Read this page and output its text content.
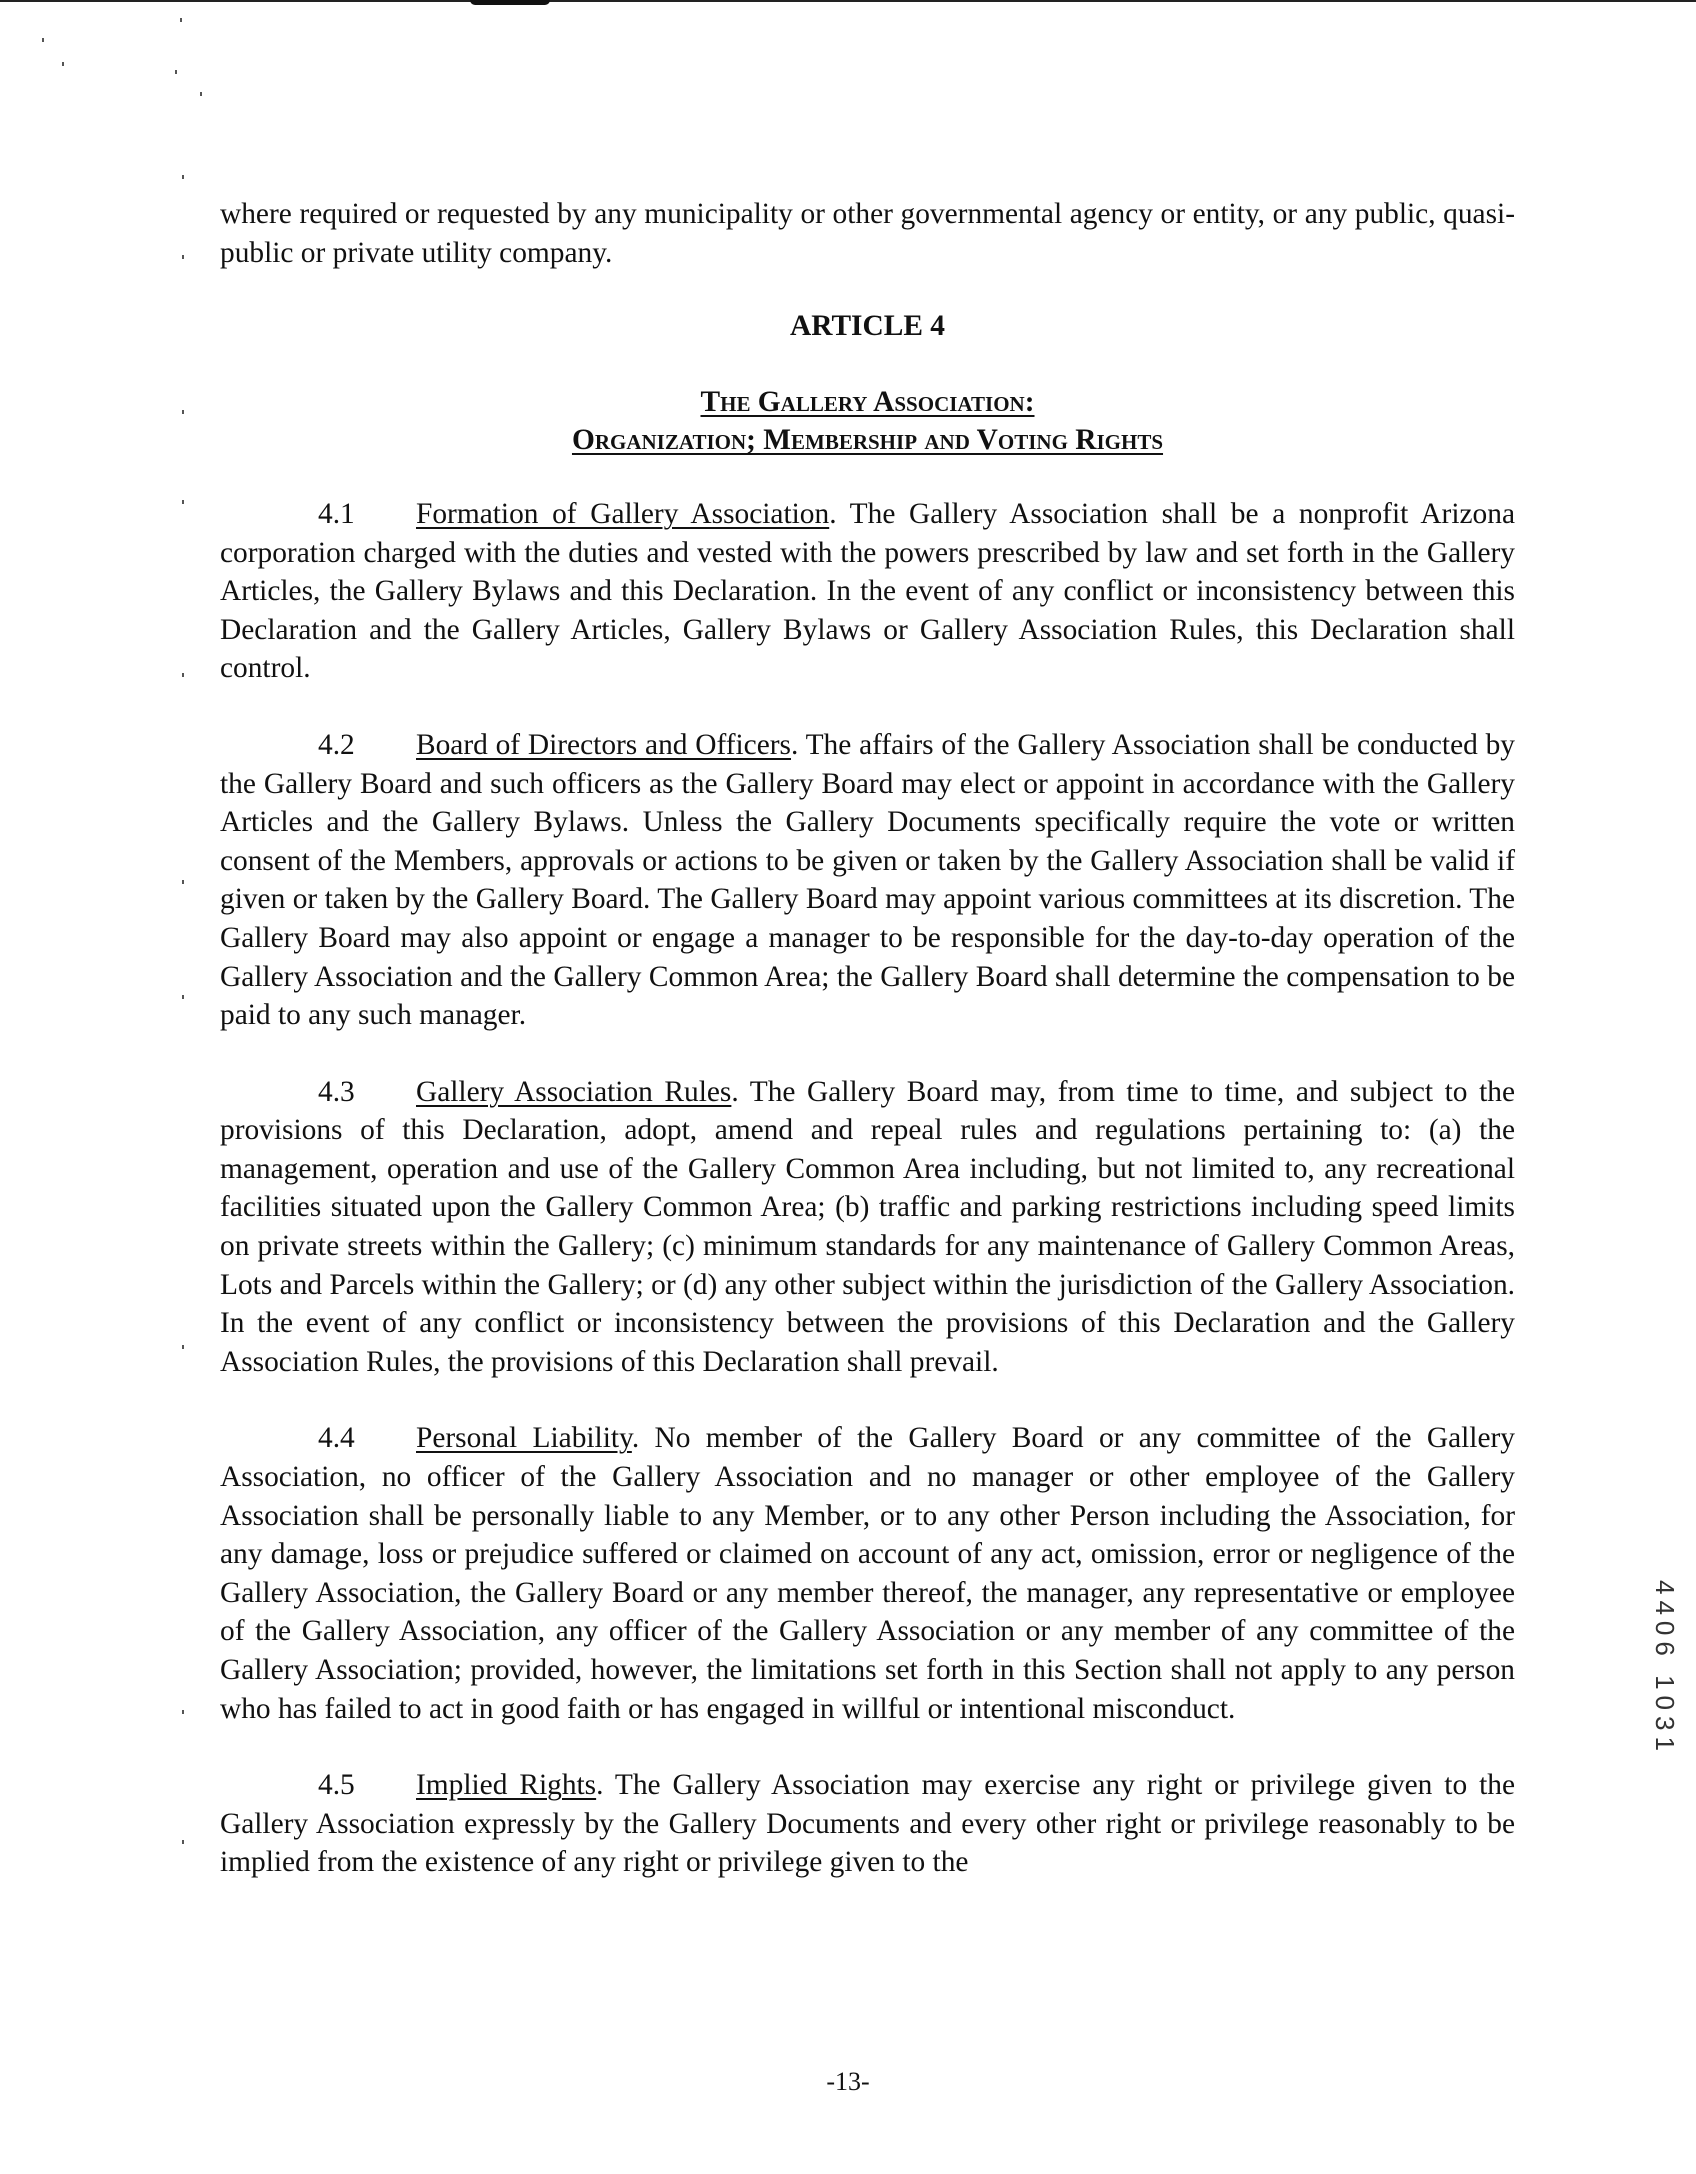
where required or requested by any municipality or other governmental agency or entity, or any public, quasi-public or private utility company.

ARTICLE 4

The Gallery Association:

Organization; Membership and Voting Rights

4.1 Formation of Gallery Association. The Gallery Association shall be a nonprofit Arizona corporation charged with the duties and vested with the powers prescribed by law and set forth in the Gallery Articles, the Gallery Bylaws and this Declaration. In the event of any conflict or inconsistency between this Declaration and the Gallery Articles, Gallery Bylaws or Gallery Association Rules, this Declaration shall control.

4.2 Board of Directors and Officers. The affairs of the Gallery Association shall be conducted by the Gallery Board and such officers as the Gallery Board may elect or appoint in accordance with the Gallery Articles and the Gallery Bylaws. Unless the Gallery Documents specifically require the vote or written consent of the Members, approvals or actions to be given or taken by the Gallery Association shall be valid if given or taken by the Gallery Board. The Gallery Board may appoint various committees at its discretion. The Gallery Board may also appoint or engage a manager to be responsible for the day-to-day operation of the Gallery Association and the Gallery Common Area; the Gallery Board shall determine the compensation to be paid to any such manager.

4.3 Gallery Association Rules. The Gallery Board may, from time to time, and subject to the provisions of this Declaration, adopt, amend and repeal rules and regulations pertaining to: (a) the management, operation and use of the Gallery Common Area including, but not limited to, any recreational facilities situated upon the Gallery Common Area; (b) traffic and parking restrictions including speed limits on private streets within the Gallery; (c) minimum standards for any maintenance of Gallery Common Areas, Lots and Parcels within the Gallery; or (d) any other subject within the jurisdiction of the Gallery Association. In the event of any conflict or inconsistency between the provisions of this Declaration and the Gallery Association Rules, the provisions of this Declaration shall prevail.

4.4 Personal Liability. No member of the Gallery Board or any committee of the Gallery Association, no officer of the Gallery Association and no manager or other employee of the Gallery Association shall be personally liable to any Member, or to any other Person including the Association, for any damage, loss or prejudice suffered or claimed on account of any act, omission, error or negligence of the Gallery Association, the Gallery Board or any member thereof, the manager, any representative or employee of the Gallery Association, any officer of the Gallery Association or any member of any committee of the Gallery Association; provided, however, the limitations set forth in this Section shall not apply to any person who has failed to act in good faith or has engaged in willful or intentional misconduct.

4.5 Implied Rights. The Gallery Association may exercise any right or privilege given to the Gallery Association expressly by the Gallery Documents and every other right or privilege reasonably to be implied from the existence of any right or privilege given to the

4406 1031
-13-
